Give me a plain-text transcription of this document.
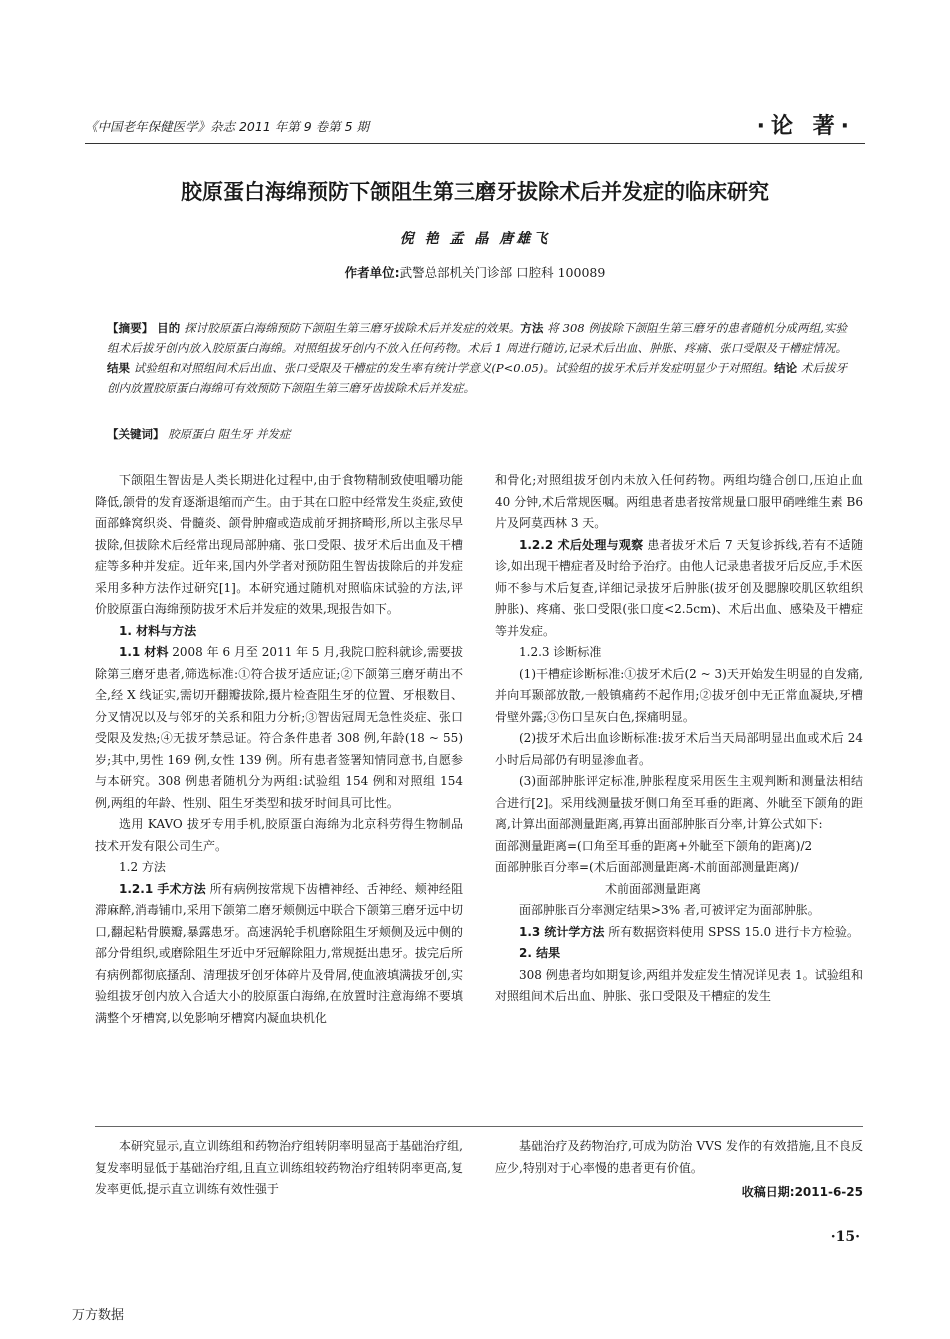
《中国老年保健医学》杂志 2011 年第 9 卷第 5 期	·论 著·
胶原蛋白海绵预防下颌阻生第三磨牙拔除术后并发症的临床研究
倪 艳 孟 晶 唐雄飞
作者单位:武警总部机关门诊部 口腔科 100089
【摘要】 目的 探讨胶原蛋白海绵预防下颌阻生第三磨牙拔除术后并发症的效果。方法 将 308 例拔除下颌阻生第三磨牙的患者随机分成两组,实验组术后拔牙创内放入胶原蛋白海绵。对照组拔牙创内不放入任何药物。术后 1 周进行随访,记录术后出血、肿胀、疼痛、张口受限及干槽症情况。结果 试验组和对照组间术后出血、张口受限及干槽症的发生率有统计学意义(P<0.05)。试验组的拔牙术后并发症明显少于对照组。结论 术后拔牙创内放置胶原蛋白海绵可有效预防下颌阻生第三磨牙齿拔除术后并发症。
【关键词】 胶原蛋白 阻生牙 并发症

下颌阻生智齿是人类长期进化过程中,由于食物精制致使咀嚼功能降低,颌骨的发育逐渐退缩而产生。由于其在口腔中经常发生炎症,致使面部蜂窝织炎、骨髓炎、颌骨肿瘤或造成前牙拥挤畸形,所以主张尽早拔除,但拔除术后经常出现局部肿痛、张口受限、拔牙术后出血及干槽症等多种并发症。近年来,国内外学者对预防阻生智齿拔除后的并发症采用多种方法作过研究[1]。本研究通过随机对照临床试验的方法,评价胶原蛋白海绵预防拔牙术后并发症的效果,现报告如下。

1. 材料与方法

1.1 材料 2008 年 6 月至 2011 年 5 月,我院口腔科就诊,需要拔除第三磨牙患者,筛选标准:①符合拔牙适应证;②下颌第三磨牙萌出不全,经 X 线证实,需切开翻瓣拔除,摄片检查阻生牙的位置、牙根数目、分叉情况以及与邻牙的关系和阻力分析;③智齿冠周无急性炎症、张口受限及发热;④无拔牙禁忌证。符合条件患者 308 例,年龄(18 ~ 55)岁;其中,男性 169 例,女性 139 例。所有患者签署知情同意书,自愿参与本研究。308 例患者随机分为两组:试验组 154 例和对照组 154 例,两组的年龄、性别、阻生牙类型和拔牙时间具可比性。

选用 KAVO 拔牙专用手机,胶原蛋白海绵为北京科劳得生物制品技术开发有限公司生产。

1.2 方法

1.2.1 手术方法 所有病例按常规下齿槽神经、舌神经、颊神经阻滞麻醉,消毒铺巾,采用下颌第二磨牙颊侧远中联合下颌第三磨牙远中切口,翻起粘骨膜瓣,暴露患牙。高速涡轮手机磨除阻生牙颊侧及远中侧的部分骨组织,或磨除阻生牙近中牙冠解除阻力,常规挺出患牙。拔完后所有病例都彻底搔刮、清理拔牙创牙体碎片及骨屑,使血液填满拔牙创,实验组拔牙创内放入合适大小的胶原蛋白海绵,在放置时注意海绵不要填满整个牙槽窝,以免影响牙槽窝内凝血块机化

和骨化;对照组拔牙创内未放入任何药物。两组均缝合创口,压迫止血 40 分钟,术后常规医嘱。两组患者患者按常规量口服甲硝唑维生素 B6 片及阿莫西林 3 天。

1.2.2 术后处理与观察 患者拔牙术后 7 天复诊拆线,若有不适随诊,如出现干槽症者及时给予治疗。由他人记录患者拔牙后反应,手术医师不参与术后复查,详细记录拔牙后肿胀(拔牙创及腮腺咬肌区软组织肿胀)、疼痛、张口受限(张口度<2.5cm)、术后出血、感染及干槽症等并发症。

1.2.3 诊断标准

(1)干槽症诊断标准:①拔牙术后(2 ~ 3)天开始发生明显的自发痛,并向耳颞部放散,一般镇痛药不起作用;②拔牙创中无正常血凝块,牙槽骨壁外露;③伤口呈灰白色,探痛明显。

(2)拔牙术后出血诊断标准:拔牙术后当天局部明显出血或术后 24 小时后局部仍有明显渗血者。

(3)面部肿胀评定标准,肿胀程度采用医生主观判断和测量法相结合进行[2]。采用线测量拔牙侧口角至耳垂的距离、外眦至下颌角的距离,计算出面部测量距离,再算出面部肿胀百分率,计算公式如下:

面部测量距离=(口角至耳垂的距离+外眦至下颌角的距离)/2

面部肿胀百分率=(术后面部测量距离-术前面部测量距离)/

术前面部测量距离

面部肿胀百分率测定结果>3% 者,可被评定为面部肿胀。

1.3 统计学方法 所有数据资料使用 SPSS 15.0 进行卡方检验。

2. 结果

308 例患者均如期复诊,两组并发症发生情况详见表 1。试验组和对照组间术后出血、肿胀、张口受限及干槽症的发生

本研究显示,直立训练组和药物治疗组转阴率明显高于基础治疗组,复发率明显低于基础治疗组,且直立训练组较药物治疗组转阴率更高,复发率更低,提示直立训练有效性强于

基础治疗及药物治疗,可成为防治 VVS 发作的有效措施,且不良反应少,特别对于心率慢的患者更有价值。

收稿日期:2011-6-25
·15·
万方数据
